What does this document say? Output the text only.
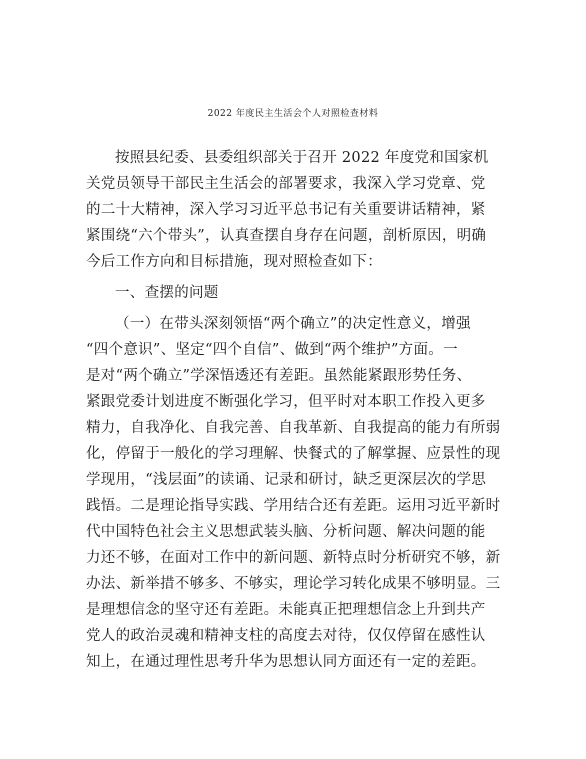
2022 年度民主生活会个人对照检查材料
按照县纪委、县委组织部关于召开 2022 年度党和国家机
关党员领导干部民主生活会的部署要求，我深入学习党章、党
的二十大精神，深入学习习近平总书记有关重要讲话精神，紧
紧围绕“六个带头”，认真查摆自身存在问题，剖析原因，明确
今后工作方向和目标措施，现对照检查如下：
一、查摆的问题
（一）在带头深刻领悟“两个确立”的决定性意义，增强
“四个意识”、坚定“四个自信”、做到“两个维护”方面。一
是对“两个确立”学深悟透还有差距。虽然能紧跟形势任务、
紧跟党委计划进度不断强化学习，但平时对本职工作投入更多
精力，自我净化、自我完善、自我革新、自我提高的能力有所弱
化，停留于一般化的学习理解、快餐式的了解掌握、应景性的现
学现用，“浅层面”的读诵、记录和研讨，缺乏更深层次的学思
践悟。二是理论指导实践、学用结合还有差距。运用习近平新时
代中国特色社会主义思想武装头脑、分析问题、解决问题的能
力还不够，在面对工作中的新问题、新特点时分析研究不够，新
办法、新举措不够多、不够实，理论学习转化成果不够明显。三
是理想信念的坚守还有差距。未能真正把理想信念上升到共产
党人的政治灵魂和精神支柱的高度去对待，仅仅停留在感性认
知上，在通过理性思考升华为思想认同方面还有一定的差距。
